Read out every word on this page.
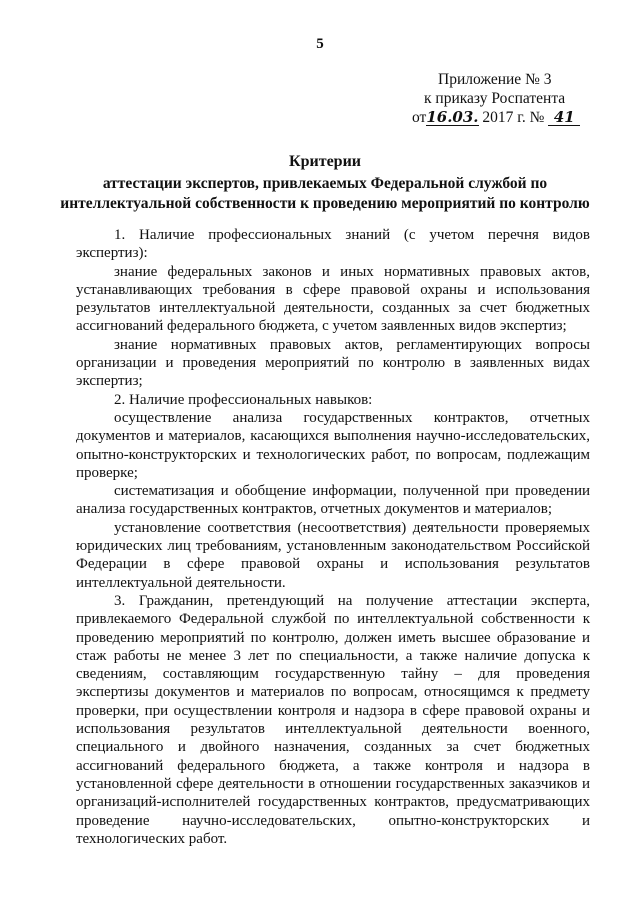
5
Приложение № 3
к приказу Роспатента
от16.03. 2017 г. № 41
Критерии
аттестации экспертов, привлекаемых Федеральной службой по интеллектуальной собственности к проведению мероприятий по контролю

1. Наличие профессиональных знаний (с учетом перечня видов экспертиз):

знание федеральных законов и иных нормативных правовых актов, устанавливающих требования в сфере правовой охраны и использования результатов интеллектуальной деятельности, созданных за счет бюджетных ассигнований федерального бюджета, с учетом заявленных видов экспертиз;

знание нормативных правовых актов, регламентирующих вопросы организации и проведения мероприятий по контролю в заявленных видах экспертиз;

2. Наличие профессиональных навыков:

осуществление анализа государственных контрактов, отчетных документов и материалов, касающихся выполнения научно-исследовательских, опытно-конструкторских и технологических работ, по вопросам, подлежащим проверке;

систематизация и обобщение информации, полученной при проведении анализа государственных контрактов, отчетных документов и материалов;

установление соответствия (несоответствия) деятельности проверяемых юридических лиц требованиям, установленным законодательством Российской Федерации в сфере правовой охраны и использования результатов интеллектуальной деятельности.

3. Гражданин, претендующий на получение аттестации эксперта, привлекаемого Федеральной службой по интеллектуальной собственности к проведению мероприятий по контролю, должен иметь высшее образование и стаж работы не менее 3 лет по специальности, а также наличие допуска к сведениям, составляющим государственную тайну – для проведения экспертизы документов и материалов по вопросам, относящимся к предмету проверки, при осуществлении контроля и надзора в сфере правовой охраны и использования результатов интеллектуальной деятельности военного, специального и двойного назначения, созданных за счет бюджетных ассигнований федерального бюджета, а также контроля и надзора в установленной сфере деятельности в отношении государственных заказчиков и организаций-исполнителей государственных контрактов, предусматривающих проведение научно-исследовательских, опытно-конструкторских и технологических работ.
